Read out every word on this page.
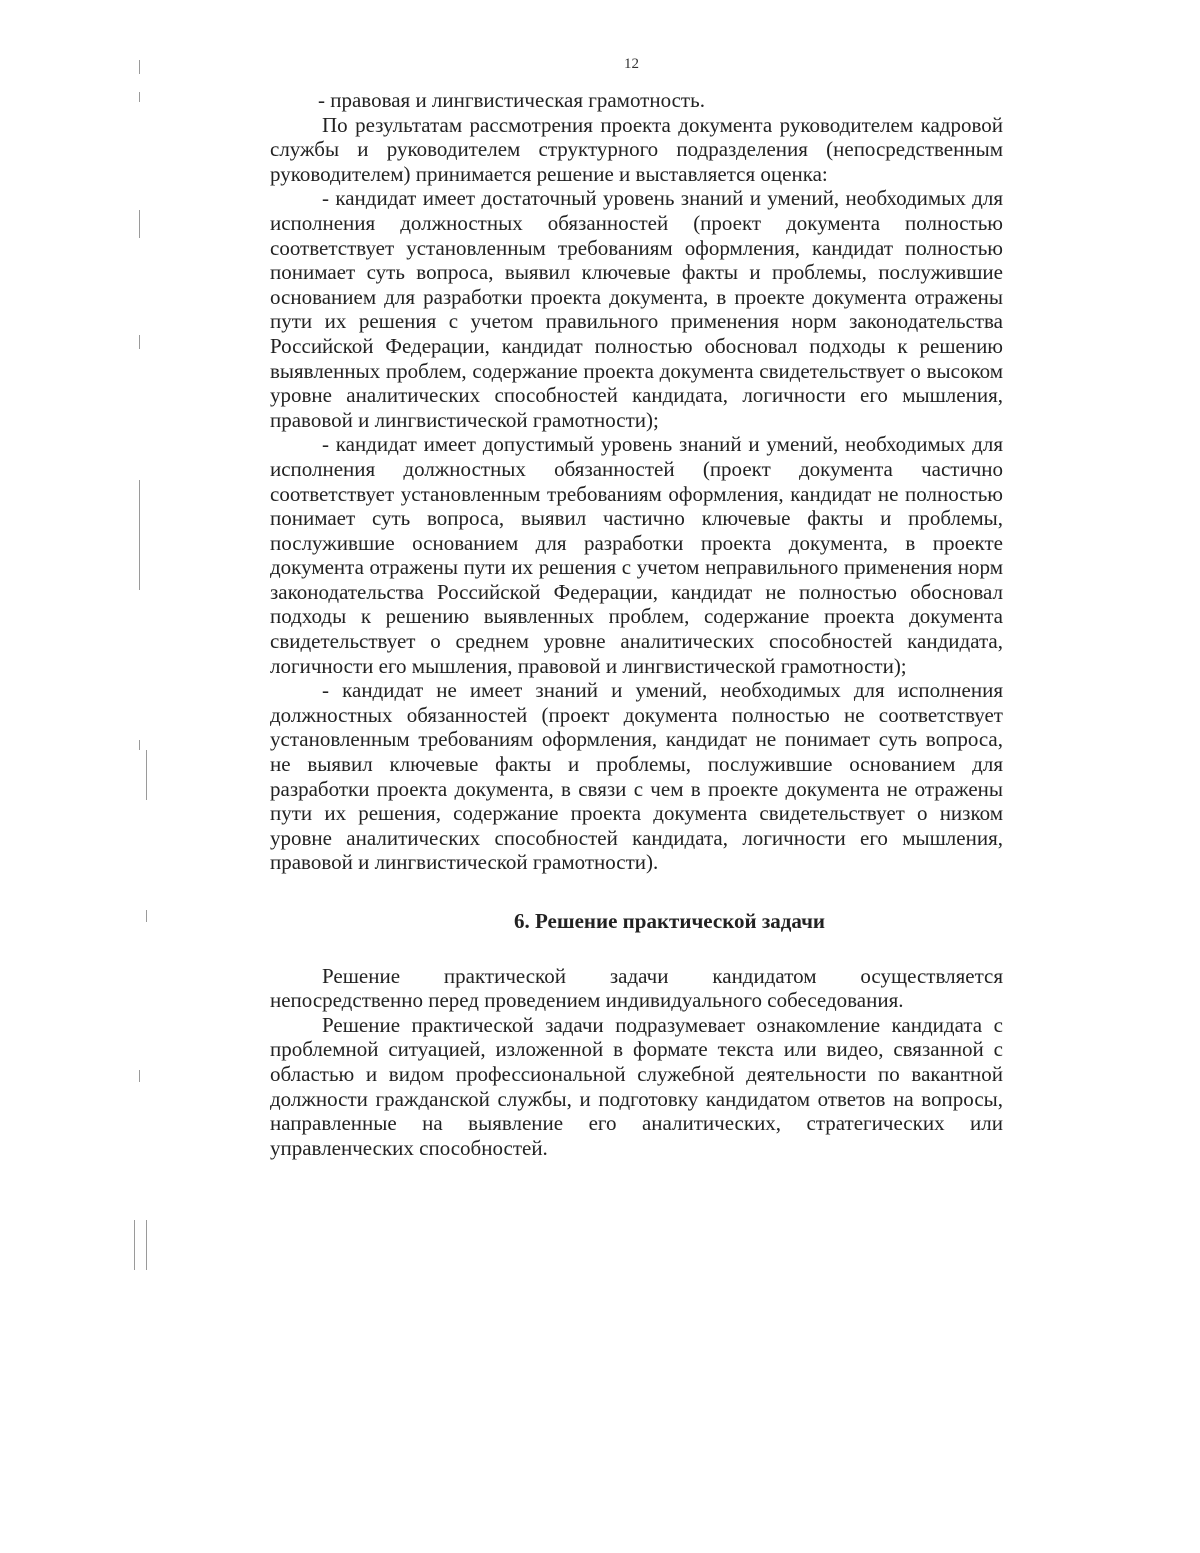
12

- правовая и лингвистическая грамотность.

По результатам рассмотрения проекта документа руководителем кадровой службы и руководителем структурного подразделения (непосредственным руководителем) принимается решение и выставляется оценка:

- кандидат имеет достаточный уровень знаний и умений, необходимых для исполнения должностных обязанностей (проект документа полностью соответствует установленным требованиям оформления, кандидат полностью понимает суть вопроса, выявил ключевые факты и проблемы, послужившие основанием для разработки проекта документа, в проекте документа отражены пути их решения с учетом правильного применения норм законодательства Российской Федерации, кандидат полностью обосновал подходы к решению выявленных проблем, содержание проекта документа свидетельствует о высоком уровне аналитических способностей кандидата, логичности его мышления, правовой и лингвистической грамотности);

- кандидат имеет допустимый уровень знаний и умений, необходимых для исполнения должностных обязанностей (проект документа частично соответствует установленным требованиям оформления, кандидат не полностью понимает суть вопроса, выявил частично ключевые факты и проблемы, послужившие основанием для разработки проекта документа, в проекте документа отражены пути их решения с учетом неправильного применения норм законодательства Российской Федерации, кандидат не полностью обосновал подходы к решению выявленных проблем, содержание проекта документа свидетельствует о среднем уровне аналитических способностей кандидата, логичности его мышления, правовой и лингвистической грамотности);

- кандидат не имеет знаний и умений, необходимых для исполнения должностных обязанностей (проект документа полностью не соответствует установленным требованиям оформления, кандидат не понимает суть вопроса, не выявил ключевые факты и проблемы, послужившие основанием для разработки проекта документа, в связи с чем в проекте документа не отражены пути их решения, содержание проекта документа свидетельствует о низком уровне аналитических способностей кандидата, логичности его мышления, правовой и лингвистической грамотности).

6. Решение практической задачи

Решение практической задачи кандидатом осуществляется непосредственно перед проведением индивидуального собеседования.

Решение практической задачи подразумевает ознакомление кандидата с проблемной ситуацией, изложенной в формате текста или видео, связанной с областью и видом профессиональной служебной деятельности по вакантной должности гражданской службы, и подготовку кандидатом ответов на вопросы, направленные на выявление его аналитических, стратегических или управленческих способностей.
